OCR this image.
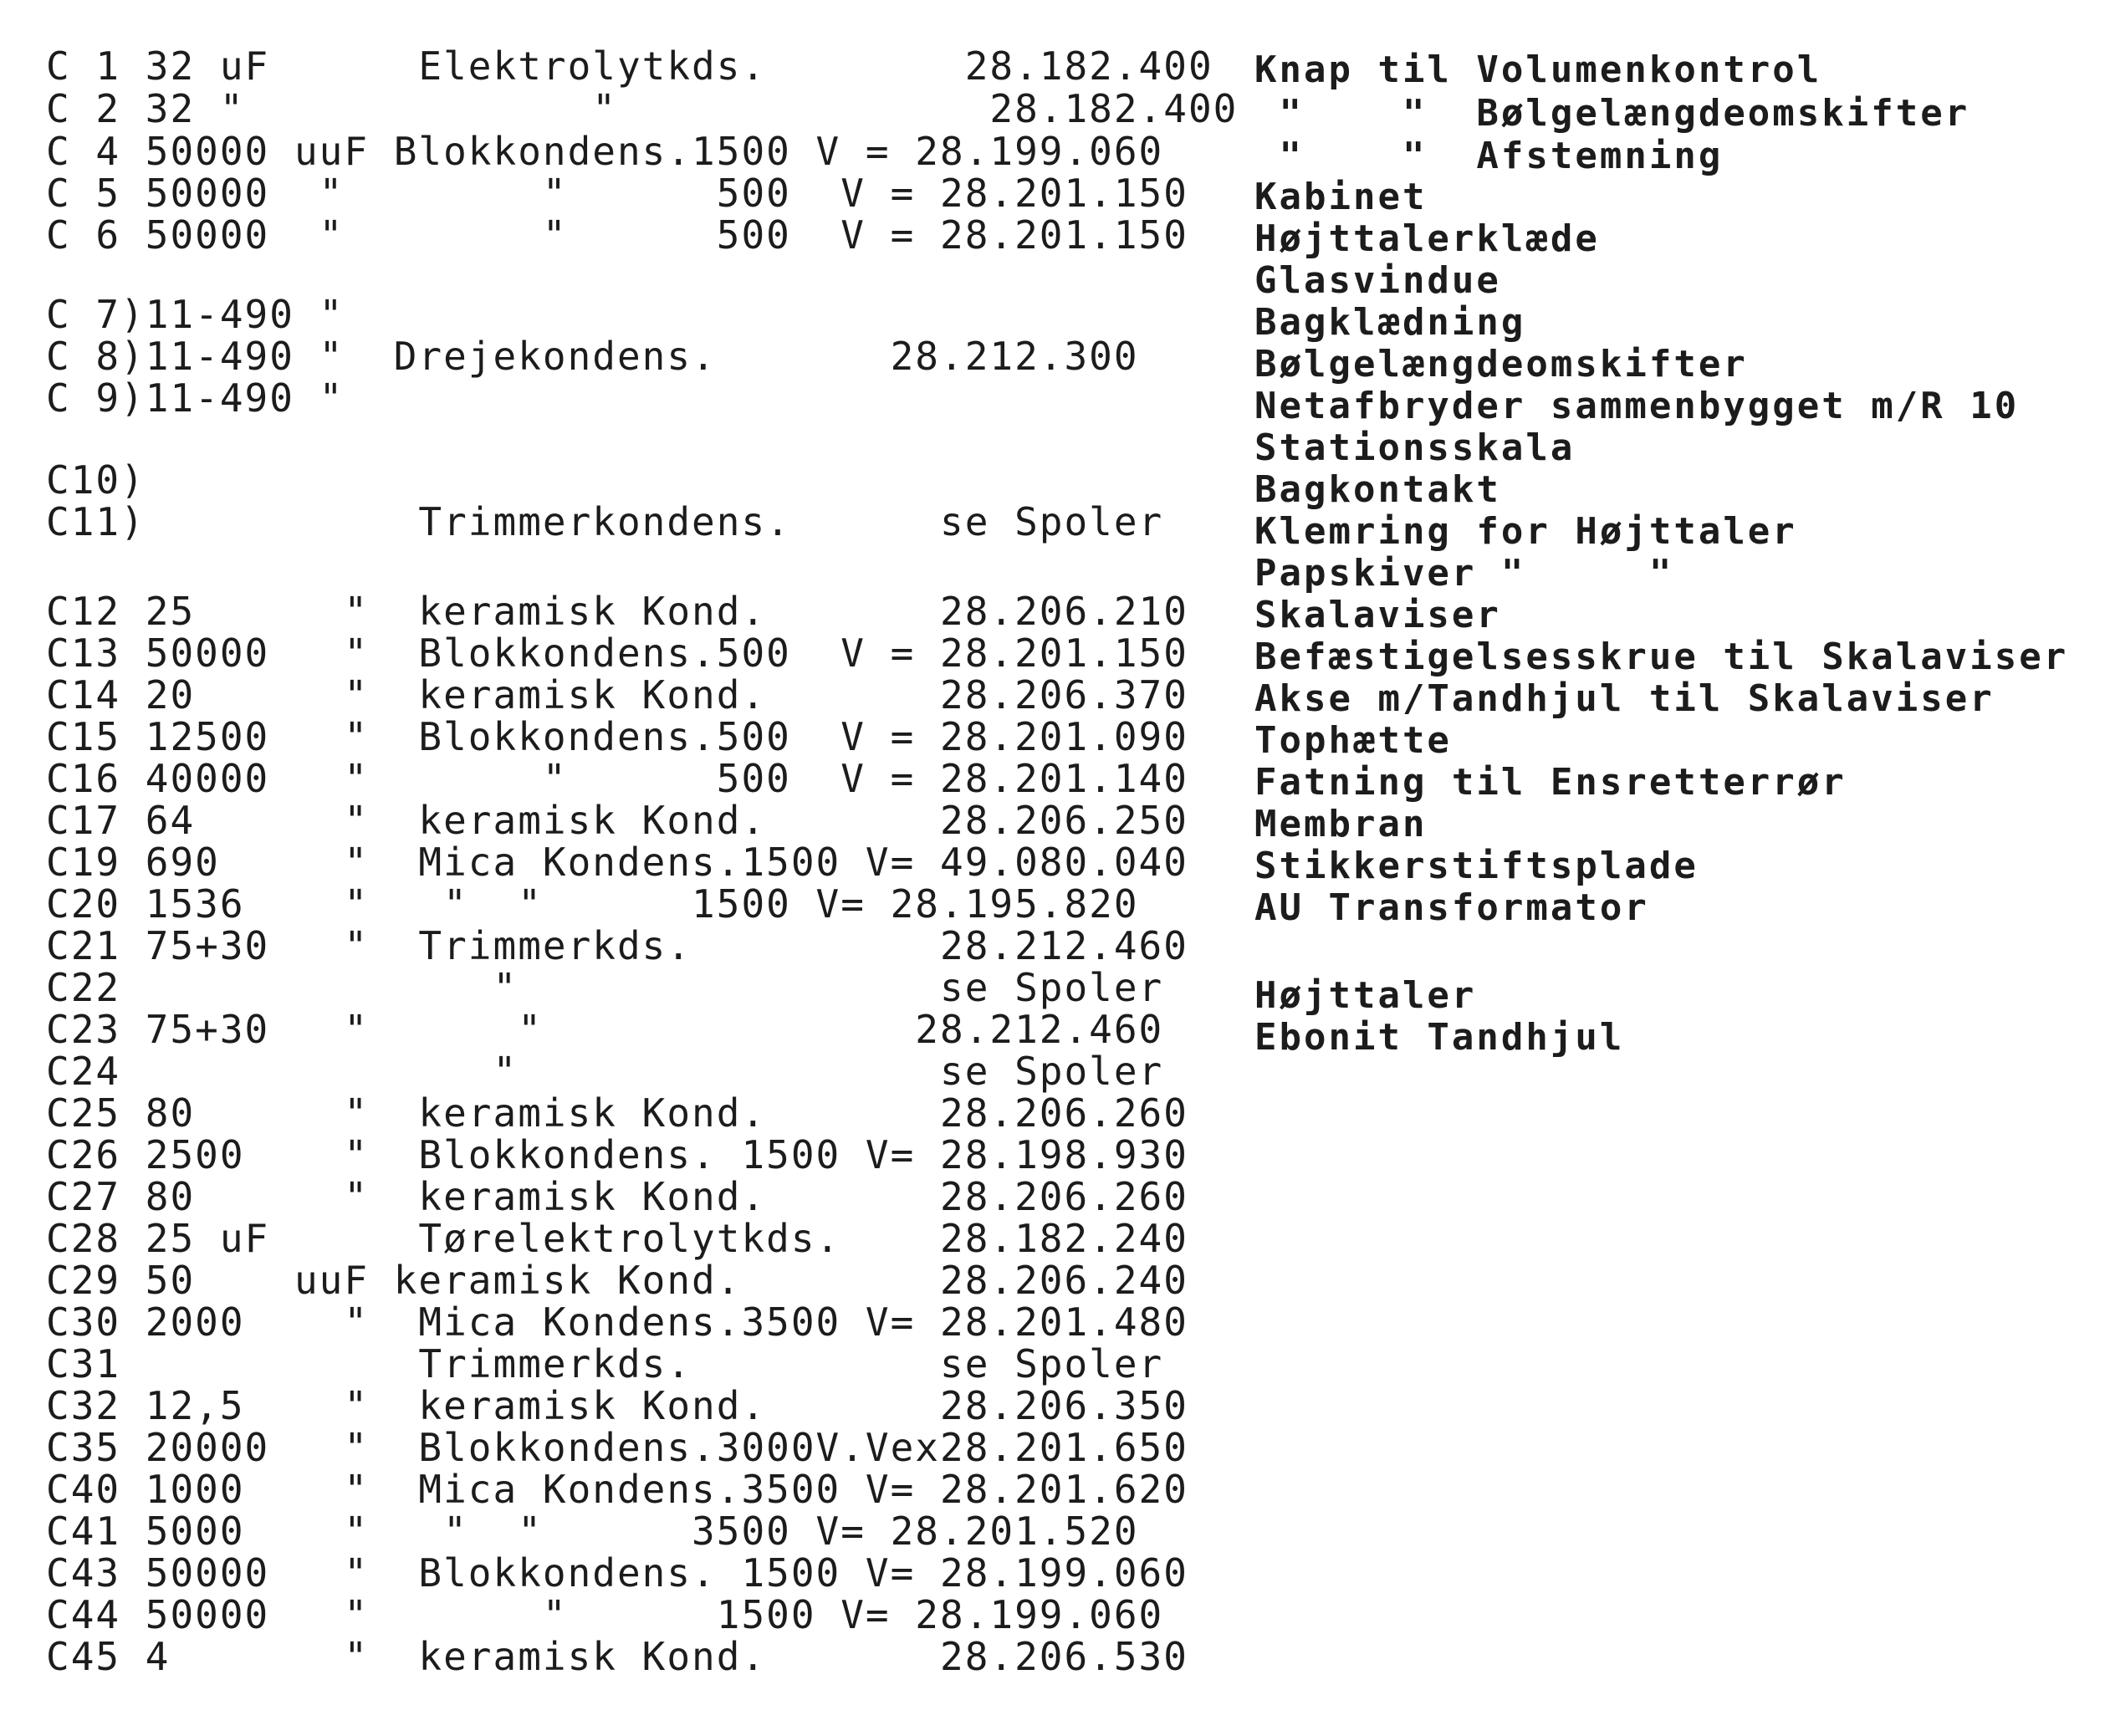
C 1 32 uF      Elektrolytkds.        28.182.400
C 2 32 "              "               28.182.400
C 4 50000 uuF Blokkondens.1500 V = 28.199.060
C 5 50000  "        "      500  V = 28.201.150
C 6 50000  "        "      500  V = 28.201.150
C 7)11-490 "
C 8)11-490 "  Drejekondens.       28.212.300
C 9)11-490 "
C10)
C11)           Trimmerkondens.      se Spoler
C12 25      "  keramisk Kond.       28.206.210
C13 50000   "  Blokkondens.500  V = 28.201.150
C14 20      "  keramisk Kond.       28.206.370
C15 12500   "  Blokkondens.500  V = 28.201.090
C16 40000   "       "      500  V = 28.201.140
C17 64      "  keramisk Kond.       28.206.250
C19 690     "  Mica Kondens.1500 V= 49.080.040
C20 1536    "   "  "      1500 V= 28.195.820
C21 75+30   "  Trimmerkds.          28.212.460
C22               "                 se Spoler
C23 75+30   "      "               28.212.460
C24               "                 se Spoler
C25 80      "  keramisk Kond.       28.206.260
C26 2500    "  Blokkondens. 1500 V= 28.198.930
C27 80      "  keramisk Kond.       28.206.260
C28 25 uF      Tørelektrolytkds.    28.182.240
C29 50    uuF keramisk Kond.        28.206.240
C30 2000    "  Mica Kondens.3500 V= 28.201.480
C31            Trimmerkds.          se Spoler
C32 12,5    "  keramisk Kond.       28.206.350
C35 20000   "  Blokkondens.3000V.Vex28.201.650
C40 1000    "  Mica Kondens.3500 V= 28.201.620
C41 5000    "   "  "      3500 V= 28.201.520
C43 50000   "  Blokkondens. 1500 V= 28.199.060
C44 50000   "       "      1500 V= 28.199.060
C45 4       "  keramisk Kond.       28.206.530
Knap til Volumenkontrol
"    "  Bølgelængdeomskifter
"    "  Afstemning
Kabinet
Højttalerklæde
Glasvindue
Bagklædning
Bølgelængdeomskifter
Netafbryder sammenbygget m/R 10
Stationsskala
Bagkontakt
Klemring for Højttaler
Papskiver "     "
Skalaviser
Befæstigelsesskrue til Skalaviser
Akse m/Tandhjul til Skalaviser
Tophætte
Fatning til Ensretterrør
Membran
Stikkerstiftsplade
AU Transformator
Højttaler
Ebonit Tandhjul
